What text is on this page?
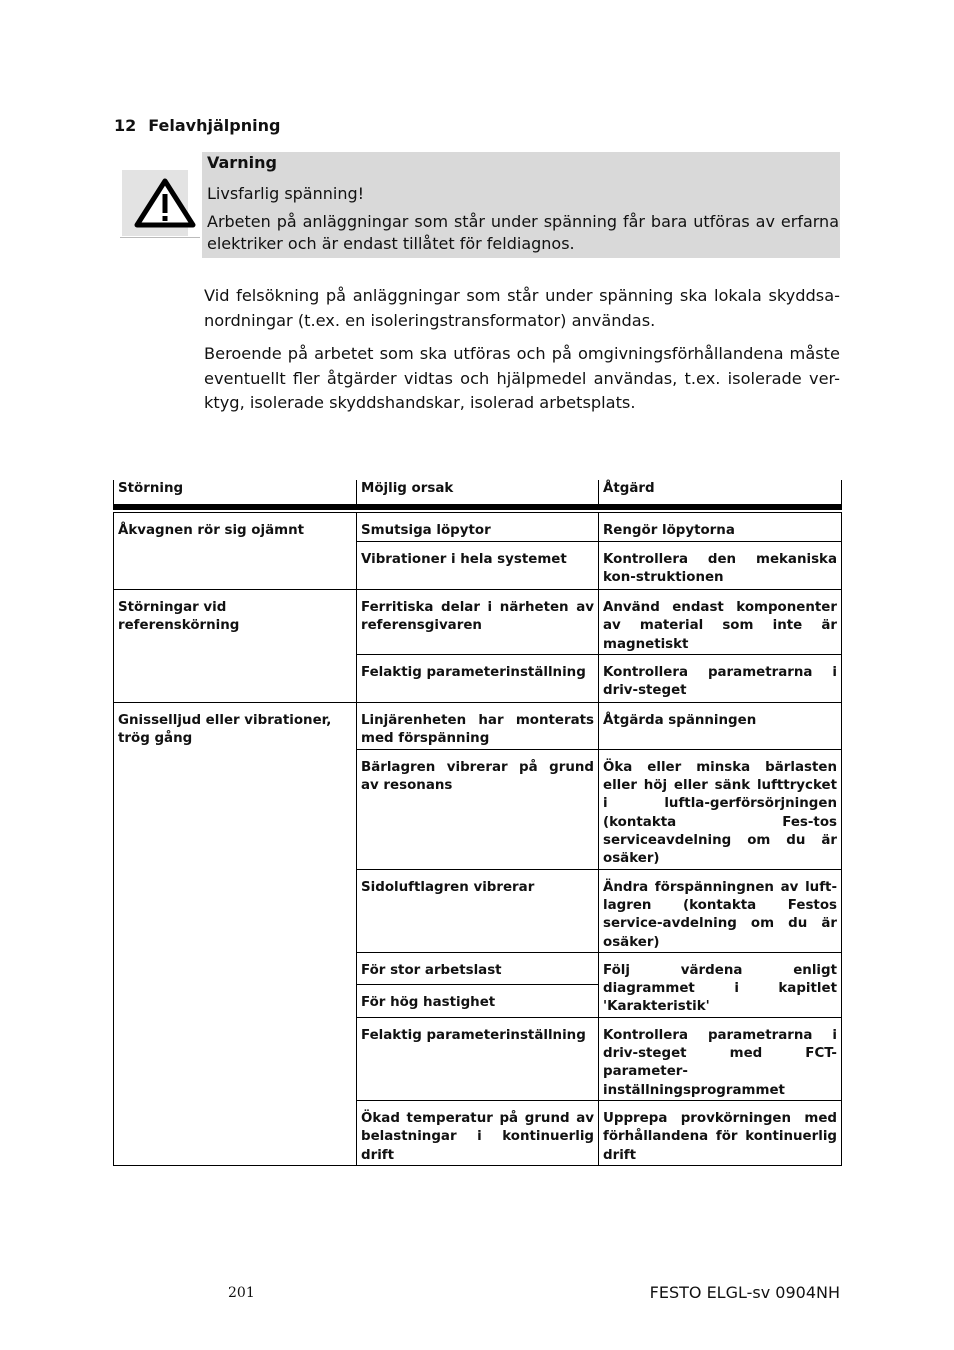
12 Felavhjälpning
Varning
Livsfarlig spänning!
Arbeten på anläggningar som står under spänning får bara utföras av erfarna elektriker och är endast tillåtet för feldiagnos.
Vid felsökning på anläggningar som står under spänning ska lokala skyddsa-nordningar (t.ex. en isoleringstransformator) användas.
Beroende på arbetet som ska utföras och på omgivningsförhållandena måste eventuellt fler åtgärder vidtas och hjälpmedel användas, t.ex. isolerade ver-ktyg, isolerade skyddshandskar, isolerad arbetsplats.
Störning	Möjlig orsak	Åtgärd

Åkvagnen rör sig ojämnt	Smutsiga löpytor	Rengör löpytorna

	Vibrationer i hela systemet	Kontrollera den mekaniska kon-struktionen

Störningar vid referenskörning	Ferritiska delar i närheten av referensgivaren	Använd endast komponenter av material som inte är magnetiskt

	Felaktig parameterinställning	Kontrollera parametrarna i driv-steget

Gnisselljud eller vibrationer, trög gång	Linjärenheten har monterats med förspänning	Åtgärda spänningen

	Bärlagren vibrerar på grund av resonans	Öka eller minska bärlasten eller höj eller sänk lufttrycket i luftla-gerförsörjningen (kontakta Fes-tos serviceavdelning om du är osäker)

	Sidoluftlagren vibrerar	Ändra förspänningnen av luft-lagren (kontakta Festos service-avdelning om du är osäker)

	För stor arbetslast	Följ värdena enligt diagrammet i kapitlet 'Karakteristik'

	För hög hastighet	

	Felaktig parameterinställning	Kontrollera parametrarna i driv-steget med FCT-parameter-inställningsprogrammet

	Ökad temperatur på grund av belastningar i kontinuerlig drift	Upprepa provkörningen med förhållandena för kontinuerlig drift
201	FESTO ELGL-sv 0904NH
